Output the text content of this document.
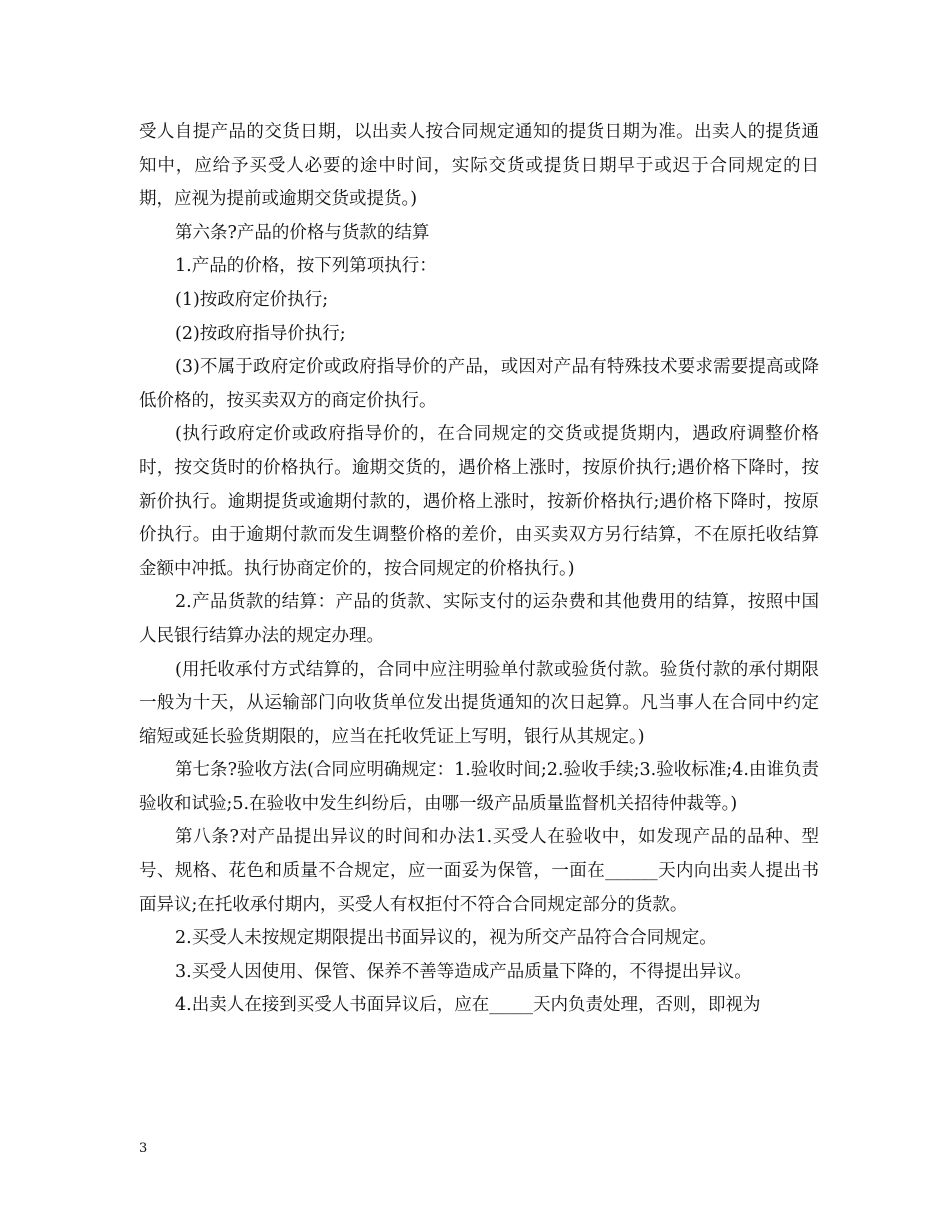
受人自提产品的交货日期，以出卖人按合同规定通知的提货日期为准。出卖人的提货通知中，应给予买受人必要的途中时间，实际交货或提货日期早于或迟于合同规定的日期，应视为提前或逾期交货或提货。)

第六条?产品的价格与货款的结算

1.产品的价格，按下列第项执行：

(1)按政府定价执行;

(2)按政府指导价执行;

(3)不属于政府定价或政府指导价的产品，或因对产品有特殊技术要求需要提高或降低价格的，按买卖双方的商定价执行。

(执行政府定价或政府指导价的，在合同规定的交货或提货期内，遇政府调整价格时，按交货时的价格执行。逾期交货的，遇价格上涨时，按原价执行;遇价格下降时，按新价执行。逾期提货或逾期付款的，遇价格上涨时，按新价格执行;遇价格下降时，按原价执行。由于逾期付款而发生调整价格的差价，由买卖双方另行结算，不在原托收结算金额中冲抵。执行协商定价的，按合同规定的价格执行。)

2.产品货款的结算：产品的货款、实际支付的运杂费和其他费用的结算，按照中国人民银行结算办法的规定办理。

(用托收承付方式结算的，合同中应注明验单付款或验货付款。验货付款的承付期限一般为十天，从运输部门向收货单位发出提货通知的次日起算。凡当事人在合同中约定缩短或延长验货期限的，应当在托收凭证上写明，银行从其规定。)

第七条?验收方法(合同应明确规定：1.验收时间;2.验收手续;3.验收标准;4.由谁负责验收和试验;5.在验收中发生纠纷后，由哪一级产品质量监督机关招待仲裁等。)

第八条?对产品提出异议的时间和办法1.买受人在验收中，如发现产品的品种、型号、规格、花色和质量不合规定，应一面妥为保管，一面在______天内向出卖人提出书面异议;在托收承付期内，买受人有权拒付不符合合同规定部分的货款。

2.买受人未按规定期限提出书面异议的，视为所交产品符合合同规定。

3.买受人因使用、保管、保养不善等造成产品质量下降的，不得提出异议。

4.出卖人在接到买受人书面异议后，应在_____天内负责处理，否则，即视为

3
